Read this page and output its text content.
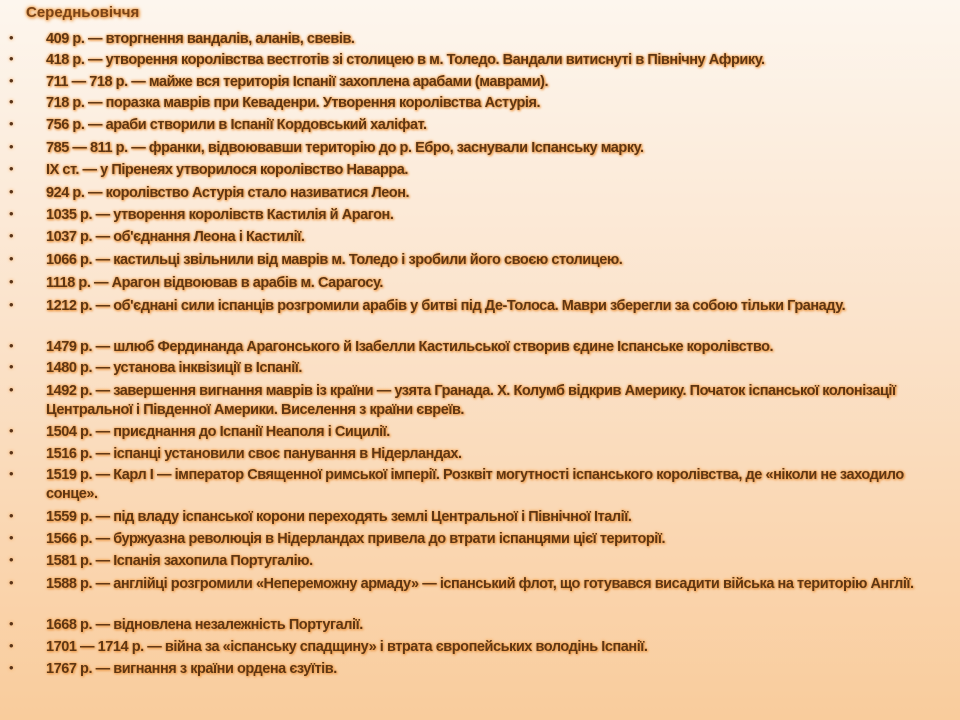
Середньовіччя
•	409 р. — вторгнення вандалів, аланів, свевів.
•	418 р. — утворення королівства вестготів зі столицею в м. Толедо. Вандали витиснуті в Північну Африку.
•	711 — 718 р. — майже вся територія Іспанії захоплена арабами (маврами).
•	718 р. — поразка маврів при Кеваденри. Утворення королівства Астурія.
•	756 р. — араби створили в Іспанії Кордовський халіфат.
•	785 — 811 р. — франки, відвоювавши територію до р. Ебро, заснували Іспанську марку.
•	IX ст. — у Піренеях утворилося королівство Наварра.
•	924 р. — королівство Астурія стало називатися Леон.
•	1035 р. — утворення королівств Кастилія й Арагон.
•	1037 р. — об'єднання Леона і Кастилії.
•	1066 р. — кастильці звільнили від маврів м. Толедо і зробили його своєю столицею.
•	1118 р. — Арагон відвоював в арабів м. Сарагосу.
•	1212 р. — об'єднані сили іспанців розгромили арабів у битві під Де-Толоса. Маври зберегли за собою тільки Гранаду.
•	1479 р. — шлюб Фердинанда Арагонського й Ізабелли Кастильської створив єдине Іспанське королівство.
•	1480 р. — установа інквізиції в Іспанії.
•	1492 р. — завершення вигнання маврів із країни — узята Гранада. Х. Колумб відкрив Америку. Початок іспанської колонізації Центральної і Південної Америки. Виселення з країни євреїв.
•	1504 р. — приєднання до Іспанії Неаполя і Сицилії.
•	1516 р. — іспанці установили своє панування в Нідерландах.
•	1519 р. — Карл I — імператор Священної римської імперії. Розквіт могутності іспанського королівства, де «ніколи не заходило сонце».
•	1559 р. — під владу іспанської корони переходять землі Центральної і Північної Італії.
•	1566 р. — буржуазна революція в Нідерландах привела до втрати іспанцями цієї території.
•	1581 р. — Іспанія захопила Португалію.
•	1588 р. — англійці розгромили «Непереможну армаду» — іспанський флот, що готувався висадити війська на територію Англії.
•	1668 р. — відновлена незалежність Португалії.
•	1701 — 1714 р. — війна за «іспанську спадщину» і втрата європейських володінь Іспанії.
•	1767 р. — вигнання з країни ордена єзуїтів.
